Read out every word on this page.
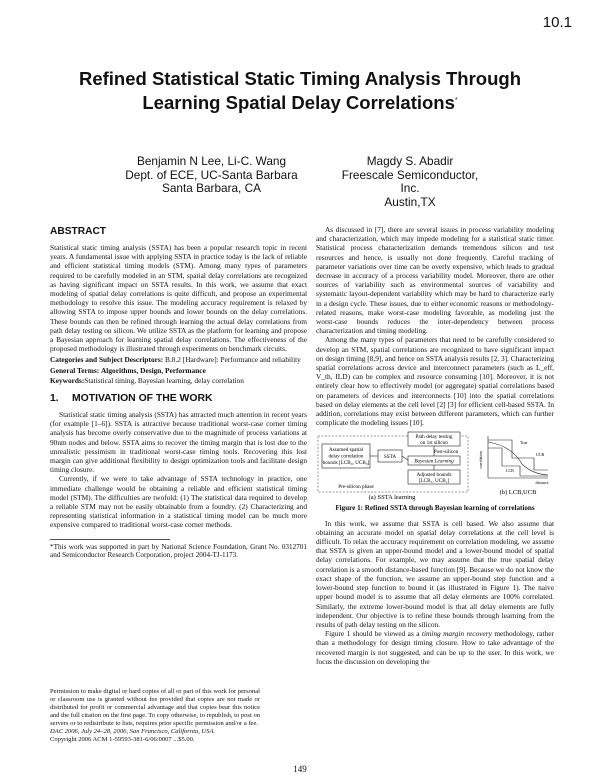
10.1
Refined Statistical Static Timing Analysis Through
Learning Spatial Delay Correlations*
Benjamin N Lee, Li-C. Wang
Dept. of ECE, UC-Santa Barbara
Santa Barbara, CA
Magdy S. Abadir
Freescale Semiconductor, Inc.
Austin,TX
ABSTRACT

Statistical static timing analysis (SSTA) has been a popular research topic in recent years. A fundamental issue with applying SSTA in practice today is the lack of reliable and efficient statistical timing models (STM). Among many types of parameters required to be carefully modeled in an STM, spatial delay correlations are recognized as having significant impact on SSTA results. In this work, we assume that exact modeling of spatial delay correlations is quite difficult, and propose an experimental methodology to resolve this issue. The modeling accuracy requirement is relaxed by allowing SSTA to impose upper bounds and lower bounds on the delay correlations. These bounds can then be refined through learning the actual delay correlations from path delay testing on silicon. We utilize SSTA as the platform for learning and propose a Bayesian approach for learning spatial delay correlations. The effectiveness of the proposed methodology is illustrated through experiments on benchmark circuits.

Categories and Subject Descriptors: B.8.2 [Hardware]: Performance and reliability

General Terms: Algorithms, Design, Performance

Keywords:Statistical timing, Bayesian learning, delay correlation

1. MOTIVATION OF THE WORK

Statistical static timing analysis (SSTA) has attracted much attention in recent years (for example [1–6]). SSTA is attractive because traditional worst-case corner timing analysis has become overly conservative due to the magnitude of process variations at 90nm nodes and below. SSTA aims to recover the timing margin that is lost due to the unrealistic pessimism in traditional worst-case timing tools. Recovering this lost margin can give additional flexibility to design optimization tools and facilitate design timing closure.

Currently, if we were to take advantage of SSTA technology in practice, one immediate challenge would be obtaining a reliable and efficient statistical timing model (STM). The difficulties are twofold: (1) The statistical data required to develop a reliable STM may not be easily obtainable from a foundry. (2) Characterizing and representing statistical information in a statistical timing model can be much more expensive compared to traditional worst-case corner methods.

*This work was supported in part by National Science Foundation, Grant No. 0312701 and Semiconductor Research Corporation, project 2004-TJ-1173.

Permission to make digital or hard copies of all or part of this work for personal or classroom use is granted without fee provided that copies are not made or distributed for profit or commercial advantage and that copies bear this notice and the full citation on the first page. To copy otherwise, to republish, to post on servers or to redistribute to lists, requires prior specific permission and/or a fee.

DAC 2006, July 24–28, 2006, San Francisco, California, USA.

Copyright 2006 ACM 1-59593-381-6/06/0007 ...$5.00.

As discussed in [7], there are several issues in process variability modeling and characterization, which may impede modeling for a statistical static timer. Statistical process characterization demands tremendous silicon and test resources and hence, is usually not done frequently. Careful tracking of parameter variations over time can be overly expensive, which leads to gradual decrease in accuracy of a process variability model. Moreover, there are other sources of variability such as environmental sources of variability and systematic layout-dependent variability which may be hard to characterize early in a design cycle. These issues, due to either economic reasons or methodology-related reasons, make worst-case modeling favorable, as modeling just the worst-case bounds reduces the inter-dependency between process characterization and timing modeling.

Among the many types of parameters that need to be carefully considered to develop an STM, spatial correlations are recognized to have significant impact on design timing [8,9], and hence on SSTA analysis results [2, 3]. Characterizing spatial correlations across device and interconnect parameters (such as L_eff, V_th, ILD) can be complex and resource consuming [10]. Moreover, it is not entirely clear how to effectively model (or aggregate) spatial correlations based on parameters of devices and interconnects [10] into the spatial correlations based on delay elements at the cell level [2] [3] for efficient cell-based SSTA. In addition, correlations may exist between different parameters, which can further complicate the modeling issues [10].

Assumed spatial
delay correlation
bounds [LCB₀, UCB₀]
SSTA
Path delay testing
on 1st silicon
Post-silicon
Bayesian Learning
Adjusted bounds
[LCB₁, UCB₁]
Pre-silicon phase
(a) SSTA learning
correlation
distance
True
UCB
LCB
(b) LCB,UCB
Figure 1: Refined SSTA through Bayesian learning of correlations

In this work, we assume that SSTA is cell based. We also assume that obtaining an accurate model on spatial delay correlations at the cell level is difficult. To relax the accuracy requirement on correlation modeling, we assume that SSTA is given an upper-bound model and a lower-bound model of spatial delay correlations. For example, we may assume that the true spatial delay correlation is a smooth distance-based function [9]. Because we do not know the exact shape of the function, we assume an upper-bound step function and a lower-bound step function to bound it (as illustrated in Figure 1). The naive upper bound model is to assume that all delay elements are 100% correlated. Similarly, the extreme lower-bound model is that all delay elements are fully independent. Our objective is to refine these bounds through learning from the results of path delay testing on the silicon.

Figure 1 should be viewed as a timing margin recovery methodology, rather than a methodology for design timing closure. How to take advantage of the recovered margin is not suggested, and can be up to the user. In this work, we focus the discussion on developing the

149
